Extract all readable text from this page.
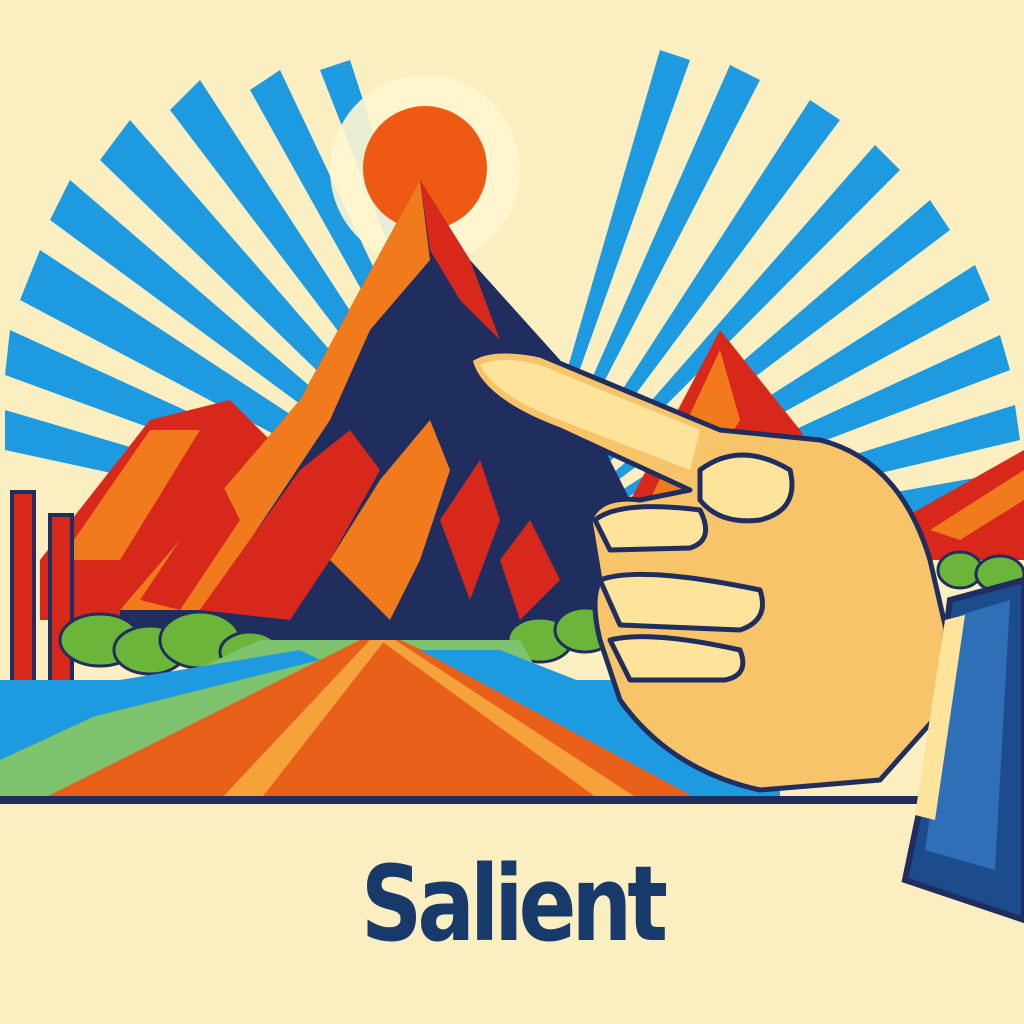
Salient
